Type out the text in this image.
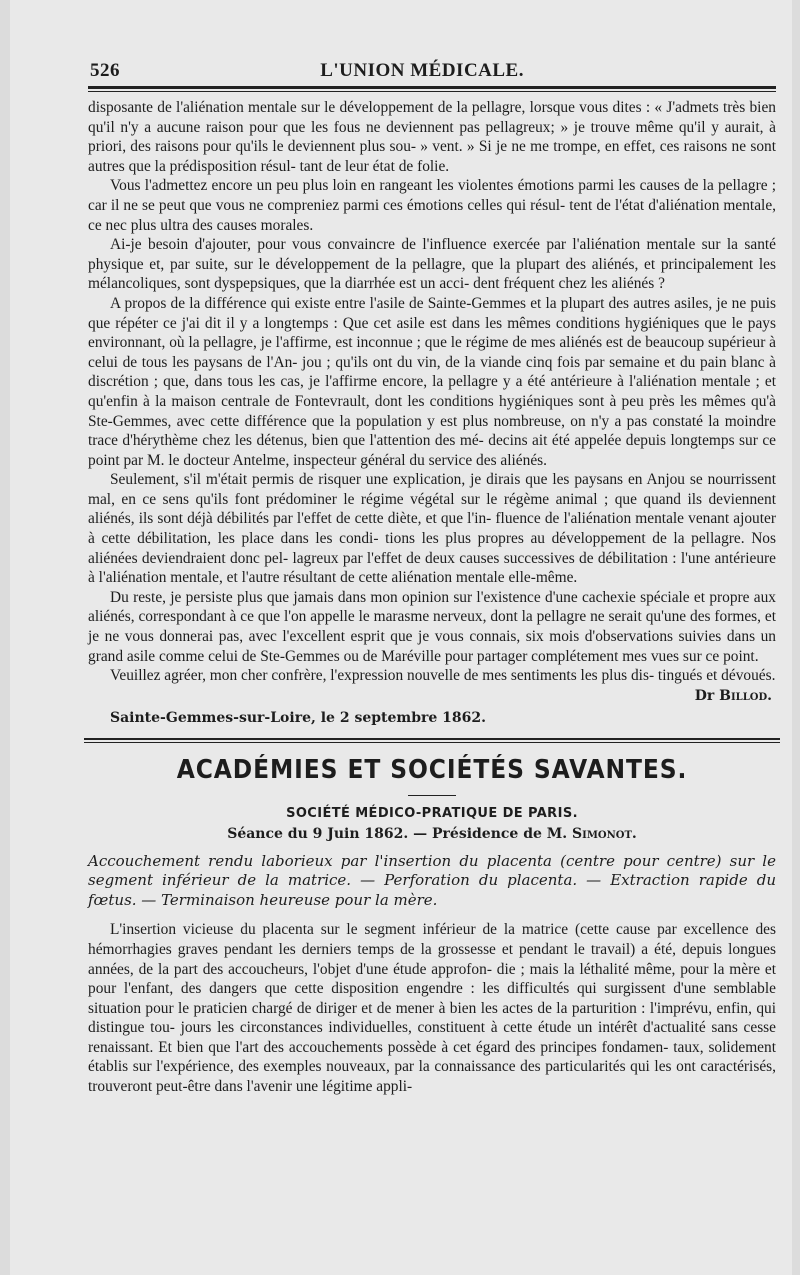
526	L'UNION MÉDICALE.

disposante de l'aliénation mentale sur le développement de la pellagre, lorsque vous dites : « J'admets très bien qu'il n'y a aucune raison pour que les fous ne deviennent pas pellagreux; » je trouve même qu'il y aurait, à priori, des raisons pour qu'ils le deviennent plus sou- » vent. » Si je ne me trompe, en effet, ces raisons ne sont autres que la prédisposition résul- tant de leur état de folie.

Vous l'admettez encore un peu plus loin en rangeant les violentes émotions parmi les causes de la pellagre ; car il ne se peut que vous ne compreniez parmi ces émotions celles qui résul- tent de l'état d'aliénation mentale, ce nec plus ultra des causes morales.

Ai-je besoin d'ajouter, pour vous convaincre de l'influence exercée par l'aliénation mentale sur la santé physique et, par suite, sur le développement de la pellagre, que la plupart des aliénés, et principalement les mélancoliques, sont dyspepsiques, que la diarrhée est un acci- dent fréquent chez les aliénés ?

A propos de la différence qui existe entre l'asile de Sainte-Gemmes et la plupart des autres asiles, je ne puis que répéter ce j'ai dit il y a longtemps : Que cet asile est dans les mêmes conditions hygiéniques que le pays environnant, où la pellagre, je l'affirme, est inconnue ; que le régime de mes aliénés est de beaucoup supérieur à celui de tous les paysans de l'An- jou ; qu'ils ont du vin, de la viande cinq fois par semaine et du pain blanc à discrétion ; que, dans tous les cas, je l'affirme encore, la pellagre y a été antérieure à l'aliénation mentale ; et qu'enfin à la maison centrale de Fontevrault, dont les conditions hygiéniques sont à peu près les mêmes qu'à Ste-Gemmes, avec cette différence que la population y est plus nombreuse, on n'y a pas constaté la moindre trace d'hérythème chez les détenus, bien que l'attention des mé- decins ait été appelée depuis longtemps sur ce point par M. le docteur Antelme, inspecteur général du service des aliénés.

Seulement, s'il m'était permis de risquer une explication, je dirais que les paysans en Anjou se nourrissent mal, en ce sens qu'ils font prédominer le régime végétal sur le régème animal ; que quand ils deviennent aliénés, ils sont déjà débilités par l'effet de cette diète, et que l'in- fluence de l'aliénation mentale venant ajouter à cette débilitation, les place dans les condi- tions les plus propres au développement de la pellagre. Nos aliénées deviendraient donc pel- lagreux par l'effet de deux causes successives de débilitation : l'une antérieure à l'aliénation mentale, et l'autre résultant de cette aliénation mentale elle-même.

Du reste, je persiste plus que jamais dans mon opinion sur l'existence d'une cachexie spéciale et propre aux aliénés, correspondant à ce que l'on appelle le marasme nerveux, dont la pellagre ne serait qu'une des formes, et je ne vous donnerai pas, avec l'excellent esprit que je vous connais, six mois d'observations suivies dans un grand asile comme celui de Ste-Gemmes ou de Maréville pour partager complétement mes vues sur ce point.

Veuillez agréer, mon cher confrère, l'expression nouvelle de mes sentiments les plus dis- tingués et dévoués.

Dr Billod.
Sainte-Gemmes-sur-Loire, le 2 septembre 1862.
ACADÉMIES ET SOCIÉTÉS SAVANTES.
SOCIÉTÉ MÉDICO-PRATIQUE DE PARIS.
Séance du 9 Juin 1862. — Présidence de M. Simonot.
Accouchement rendu laborieux par l'insertion du placenta (centre pour centre) sur le segment inférieur de la matrice. — Perforation du placenta. — Extraction rapide du fœtus. — Terminaison heureuse pour la mère.

L'insertion vicieuse du placenta sur le segment inférieur de la matrice (cette cause par excellence des hémorrhagies graves pendant les derniers temps de la grossesse et pendant le travail) a été, depuis longues années, de la part des accoucheurs, l'objet d'une étude approfon- die ; mais la léthalité même, pour la mère et pour l'enfant, des dangers que cette disposition engendre : les difficultés qui surgissent d'une semblable situation pour le praticien chargé de diriger et de mener à bien les actes de la parturition : l'imprévu, enfin, qui distingue tou- jours les circonstances individuelles, constituent à cette étude un intérêt d'actualité sans cesse renaissant. Et bien que l'art des accouchements possède à cet égard des principes fondamen- taux, solidement établis sur l'expérience, des exemples nouveaux, par la connaissance des particularités qui les ont caractérisés, trouveront peut-être dans l'avenir une légitime appli-
